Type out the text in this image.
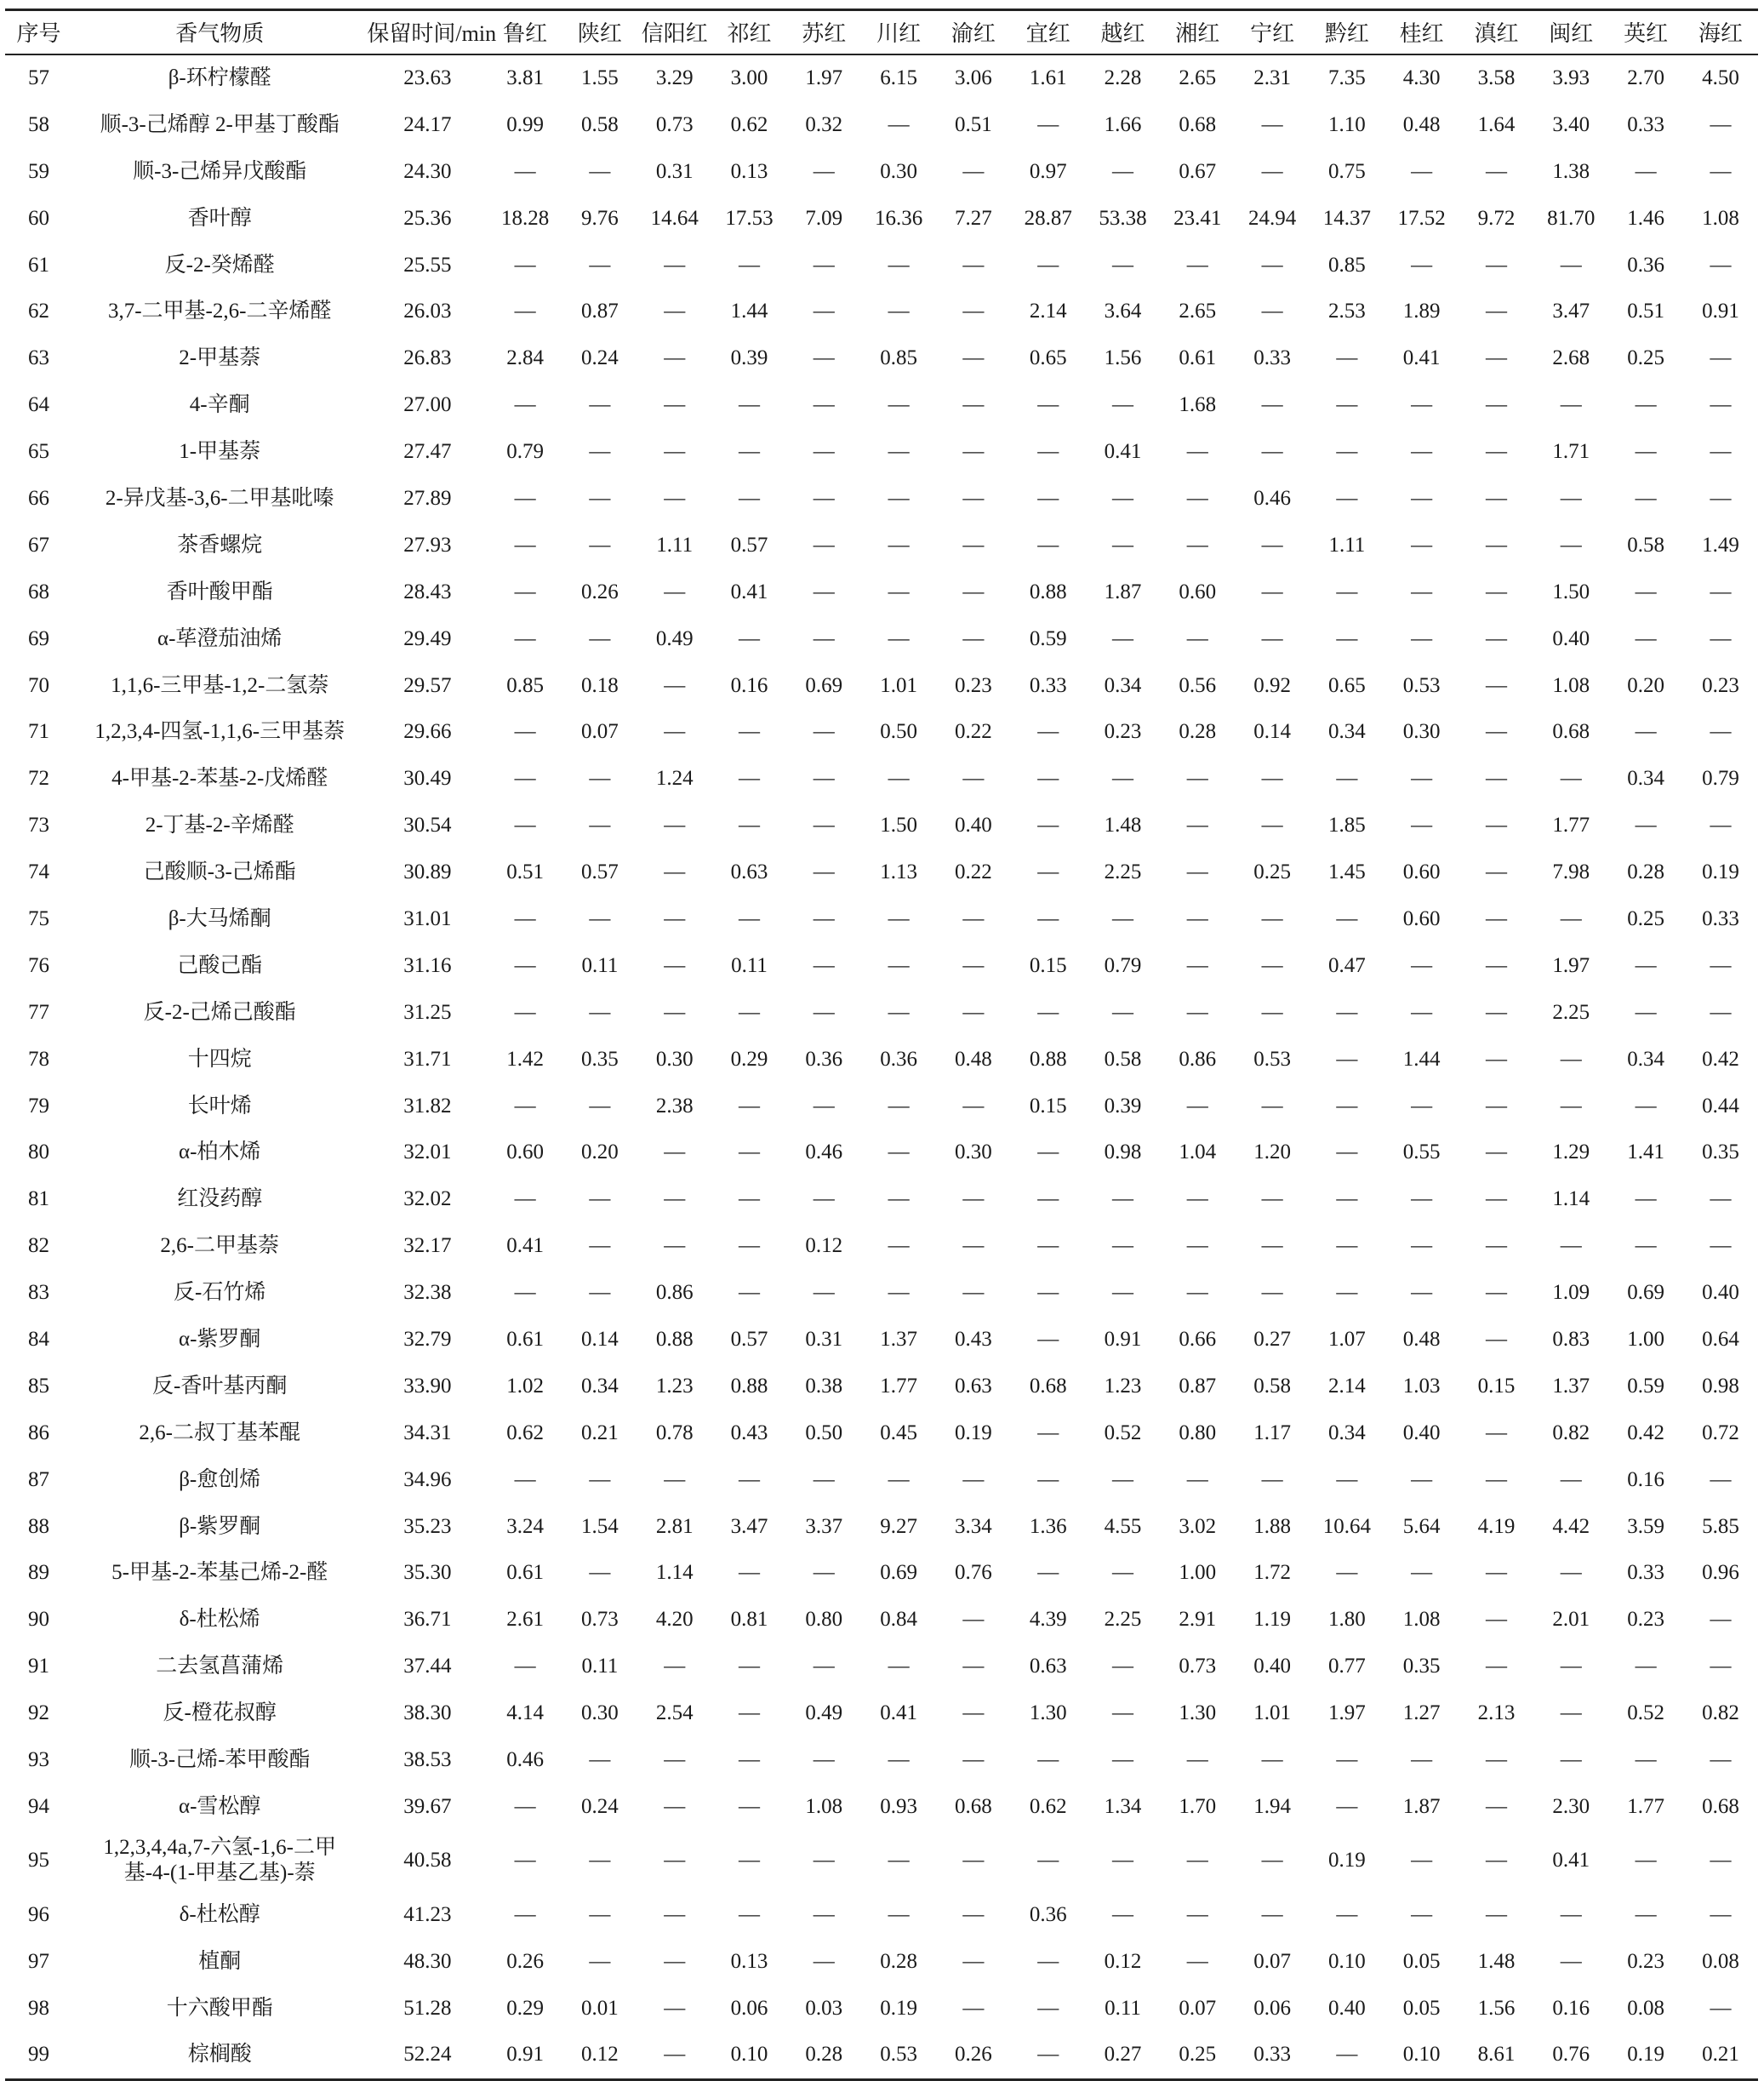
序号	香气物质	保留时间/min	鲁红	陕红	信阳红	祁红	苏红	川红	渝红	宜红	越红	湘红	宁红	黔红	桂红	滇红	闽红	英红	海红
57	β-环柠檬醛	23.63	3.81	1.55	3.29	3.00	1.97	6.15	3.06	1.61	2.28	2.65	2.31	7.35	4.30	3.58	3.93	2.70	4.50
58	顺-3-己烯醇 2-甲基丁酸酯	24.17	0.99	0.58	0.73	0.62	0.32	—	0.51	—	1.66	0.68	—	1.10	0.48	1.64	3.40	0.33	—
59	顺-3-己烯异戊酸酯	24.30	—	—	0.31	0.13	—	0.30	—	0.97	—	0.67	—	0.75	—	—	1.38	—	—
60	香叶醇	25.36	18.28	9.76	14.64	17.53	7.09	16.36	7.27	28.87	53.38	23.41	24.94	14.37	17.52	9.72	81.70	1.46	1.08
61	反-2-癸烯醛	25.55	—	—	—	—	—	—	—	—	—	—	—	0.85	—	—	—	0.36	—
62	3,7-二甲基-2,6-二辛烯醛	26.03	—	0.87	—	1.44	—	—	—	2.14	3.64	2.65	—	2.53	1.89	—	3.47	0.51	0.91
63	2-甲基萘	26.83	2.84	0.24	—	0.39	—	0.85	—	0.65	1.56	0.61	0.33	—	0.41	—	2.68	0.25	—
64	4-辛酮	27.00	—	—	—	—	—	—	—	—	—	1.68	—	—	—	—	—	—	—
65	1-甲基萘	27.47	0.79	—	—	—	—	—	—	—	0.41	—	—	—	—	—	1.71	—	—
66	2-异戊基-3,6-二甲基吡嗪	27.89	—	—	—	—	—	—	—	—	—	—	0.46	—	—	—	—	—	—
67	茶香螺烷	27.93	—	—	1.11	0.57	—	—	—	—	—	—	—	1.11	—	—	—	0.58	1.49
68	香叶酸甲酯	28.43	—	0.26	—	0.41	—	—	—	0.88	1.87	0.60	—	—	—	—	1.50	—	—
69	α-荜澄茄油烯	29.49	—	—	0.49	—	—	—	—	0.59	—	—	—	—	—	—	0.40	—	—
70	1,1,6-三甲基-1,2-二氢萘	29.57	0.85	0.18	—	0.16	0.69	1.01	0.23	0.33	0.34	0.56	0.92	0.65	0.53	—	1.08	0.20	0.23
71	1,2,3,4-四氢-1,1,6-三甲基萘	29.66	—	0.07	—	—	—	0.50	0.22	—	0.23	0.28	0.14	0.34	0.30	—	0.68	—	—
72	4-甲基-2-苯基-2-戊烯醛	30.49	—	—	1.24	—	—	—	—	—	—	—	—	—	—	—	—	0.34	0.79
73	2-丁基-2-辛烯醛	30.54	—	—	—	—	—	1.50	0.40	—	1.48	—	—	1.85	—	—	1.77	—	—
74	己酸顺-3-己烯酯	30.89	0.51	0.57	—	0.63	—	1.13	0.22	—	2.25	—	0.25	1.45	0.60	—	7.98	0.28	0.19
75	β-大马烯酮	31.01	—	—	—	—	—	—	—	—	—	—	—	—	0.60	—	—	0.25	0.33
76	己酸己酯	31.16	—	0.11	—	0.11	—	—	—	0.15	0.79	—	—	0.47	—	—	1.97	—	—
77	反-2-己烯己酸酯	31.25	—	—	—	—	—	—	—	—	—	—	—	—	—	—	2.25	—	—
78	十四烷	31.71	1.42	0.35	0.30	0.29	0.36	0.36	0.48	0.88	0.58	0.86	0.53	—	1.44	—	—	0.34	0.42
79	长叶烯	31.82	—	—	2.38	—	—	—	—	0.15	0.39	—	—	—	—	—	—	—	0.44
80	α-柏木烯	32.01	0.60	0.20	—	—	0.46	—	0.30	—	0.98	1.04	1.20	—	0.55	—	1.29	1.41	0.35
81	红没药醇	32.02	—	—	—	—	—	—	—	—	—	—	—	—	—	—	1.14	—	—
82	2,6-二甲基萘	32.17	0.41	—	—	—	0.12	—	—	—	—	—	—	—	—	—	—	—	—
83	反-石竹烯	32.38	—	—	0.86	—	—	—	—	—	—	—	—	—	—	—	1.09	0.69	0.40
84	α-紫罗酮	32.79	0.61	0.14	0.88	0.57	0.31	1.37	0.43	—	0.91	0.66	0.27	1.07	0.48	—	0.83	1.00	0.64
85	反-香叶基丙酮	33.90	1.02	0.34	1.23	0.88	0.38	1.77	0.63	0.68	1.23	0.87	0.58	2.14	1.03	0.15	1.37	0.59	0.98
86	2,6-二叔丁基苯醌	34.31	0.62	0.21	0.78	0.43	0.50	0.45	0.19	—	0.52	0.80	1.17	0.34	0.40	—	0.82	0.42	0.72
87	β-愈创烯	34.96	—	—	—	—	—	—	—	—	—	—	—	—	—	—	—	0.16	—
88	β-紫罗酮	35.23	3.24	1.54	2.81	3.47	3.37	9.27	3.34	1.36	4.55	3.02	1.88	10.64	5.64	4.19	4.42	3.59	5.85
89	5-甲基-2-苯基己烯-2-醛	35.30	0.61	—	1.14	—	—	0.69	0.76	—	—	1.00	1.72	—	—	—	—	0.33	0.96
90	δ-杜松烯	36.71	2.61	0.73	4.20	0.81	0.80	0.84	—	4.39	2.25	2.91	1.19	1.80	1.08	—	2.01	0.23	—
91	二去氢菖蒲烯	37.44	—	0.11	—	—	—	—	—	0.63	—	0.73	0.40	0.77	0.35	—	—	—	—
92	反-橙花叔醇	38.30	4.14	0.30	2.54	—	0.49	0.41	—	1.30	—	1.30	1.01	1.97	1.27	2.13	—	0.52	0.82
93	顺-3-己烯-苯甲酸酯	38.53	0.46	—	—	—	—	—	—	—	—	—	—	—	—	—	—	—	—
94	α-雪松醇	39.67	—	0.24	—	—	1.08	0.93	0.68	0.62	1.34	1.70	1.94	—	1.87	—	2.30	1.77	0.68
95	1,2,3,4,4a,7-六氢-1,6-二甲基-4-(1-甲基乙基)-萘	40.58	—	—	—	—	—	—	—	—	—	—	—	0.19	—	—	0.41	—	—
96	δ-杜松醇	41.23	—	—	—	—	—	—	—	0.36	—	—	—	—	—	—	—	—	—
97	植酮	48.30	0.26	—	—	0.13	—	0.28	—	—	0.12	—	0.07	0.10	0.05	1.48	—	0.23	0.08
98	十六酸甲酯	51.28	0.29	0.01	—	0.06	0.03	0.19	—	—	0.11	0.07	0.06	0.40	0.05	1.56	0.16	0.08	—
99	棕榈酸	52.24	0.91	0.12	—	0.10	0.28	0.53	0.26	—	0.27	0.25	0.33	—	0.10	8.61	0.76	0.19	0.21
